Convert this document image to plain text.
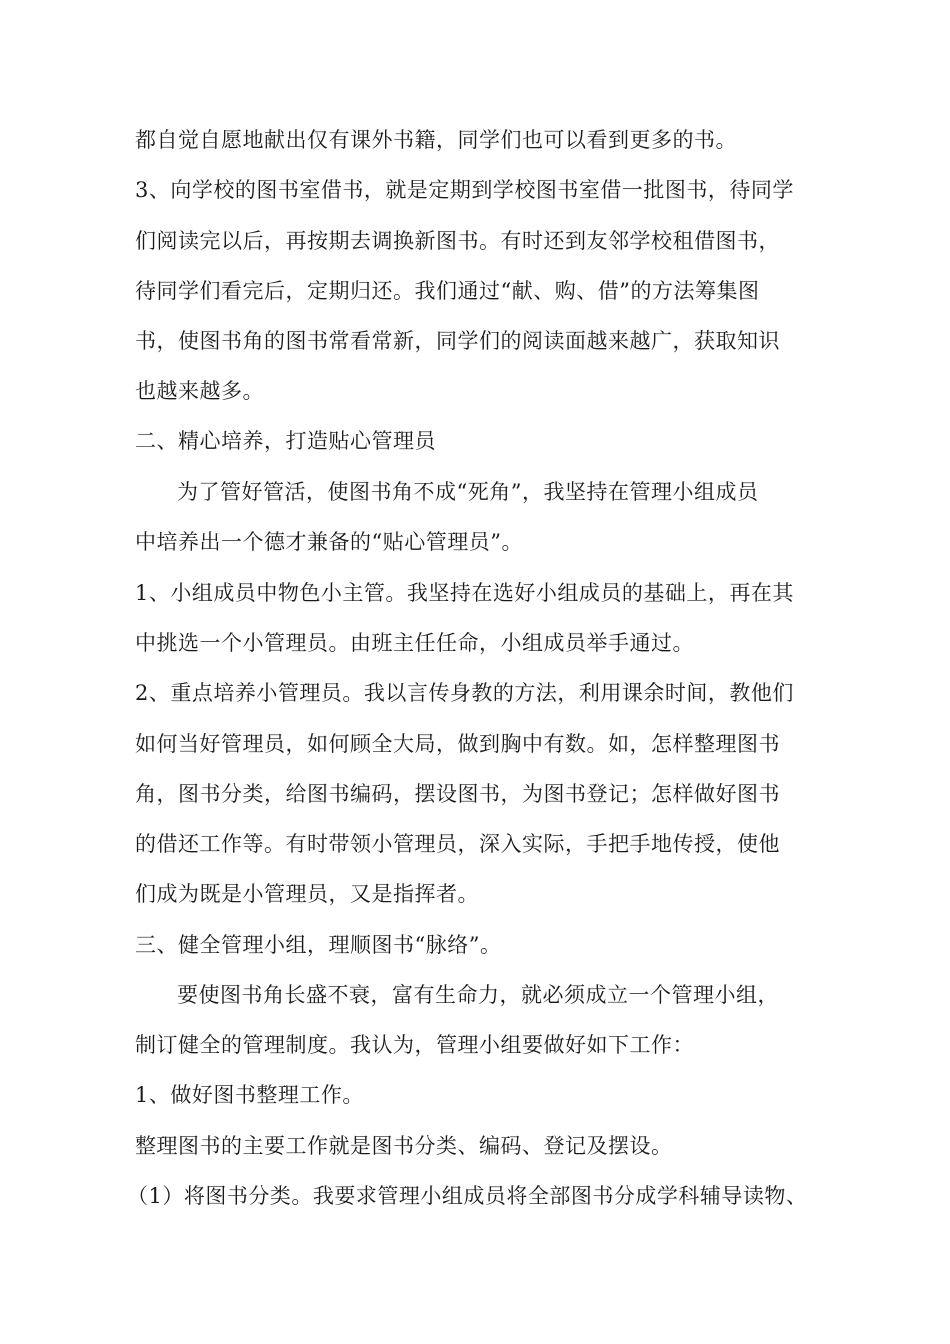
都自觉自愿地献出仅有课外书籍，同学们也可以看到更多的书。

3、向学校的图书室借书，就是定期到学校图书室借一批图书，待同学

们阅读完以后，再按期去调换新图书。有时还到友邻学校租借图书，

待同学们看完后，定期归还。我们通过“献、购、借”的方法筹集图

书，使图书角的图书常看常新，同学们的阅读面越来越广，获取知识

也越来越多。

二、精心培养，打造贴心管理员

为了管好管活，使图书角不成“死角”，我坚持在管理小组成员

中培养出一个德才兼备的“贴心管理员”。

1、小组成员中物色小主管。我坚持在选好小组成员的基础上，再在其

中挑选一个小管理员。由班主任任命，小组成员举手通过。

2、重点培养小管理员。我以言传身教的方法，利用课余时间，教他们

如何当好管理员，如何顾全大局，做到胸中有数。如，怎样整理图书

角，图书分类，给图书编码，摆设图书，为图书登记；怎样做好图书

的借还工作等。有时带领小管理员，深入实际，手把手地传授，使他

们成为既是小管理员，又是指挥者。

三、健全管理小组，理顺图书“脉络”。

要使图书角长盛不衰，富有生命力，就必须成立一个管理小组，

制订健全的管理制度。我认为，管理小组要做好如下工作：

1、做好图书整理工作。

整理图书的主要工作就是图书分类、编码、登记及摆设。

（1）将图书分类。我要求管理小组成员将全部图书分成学科辅导读物、
